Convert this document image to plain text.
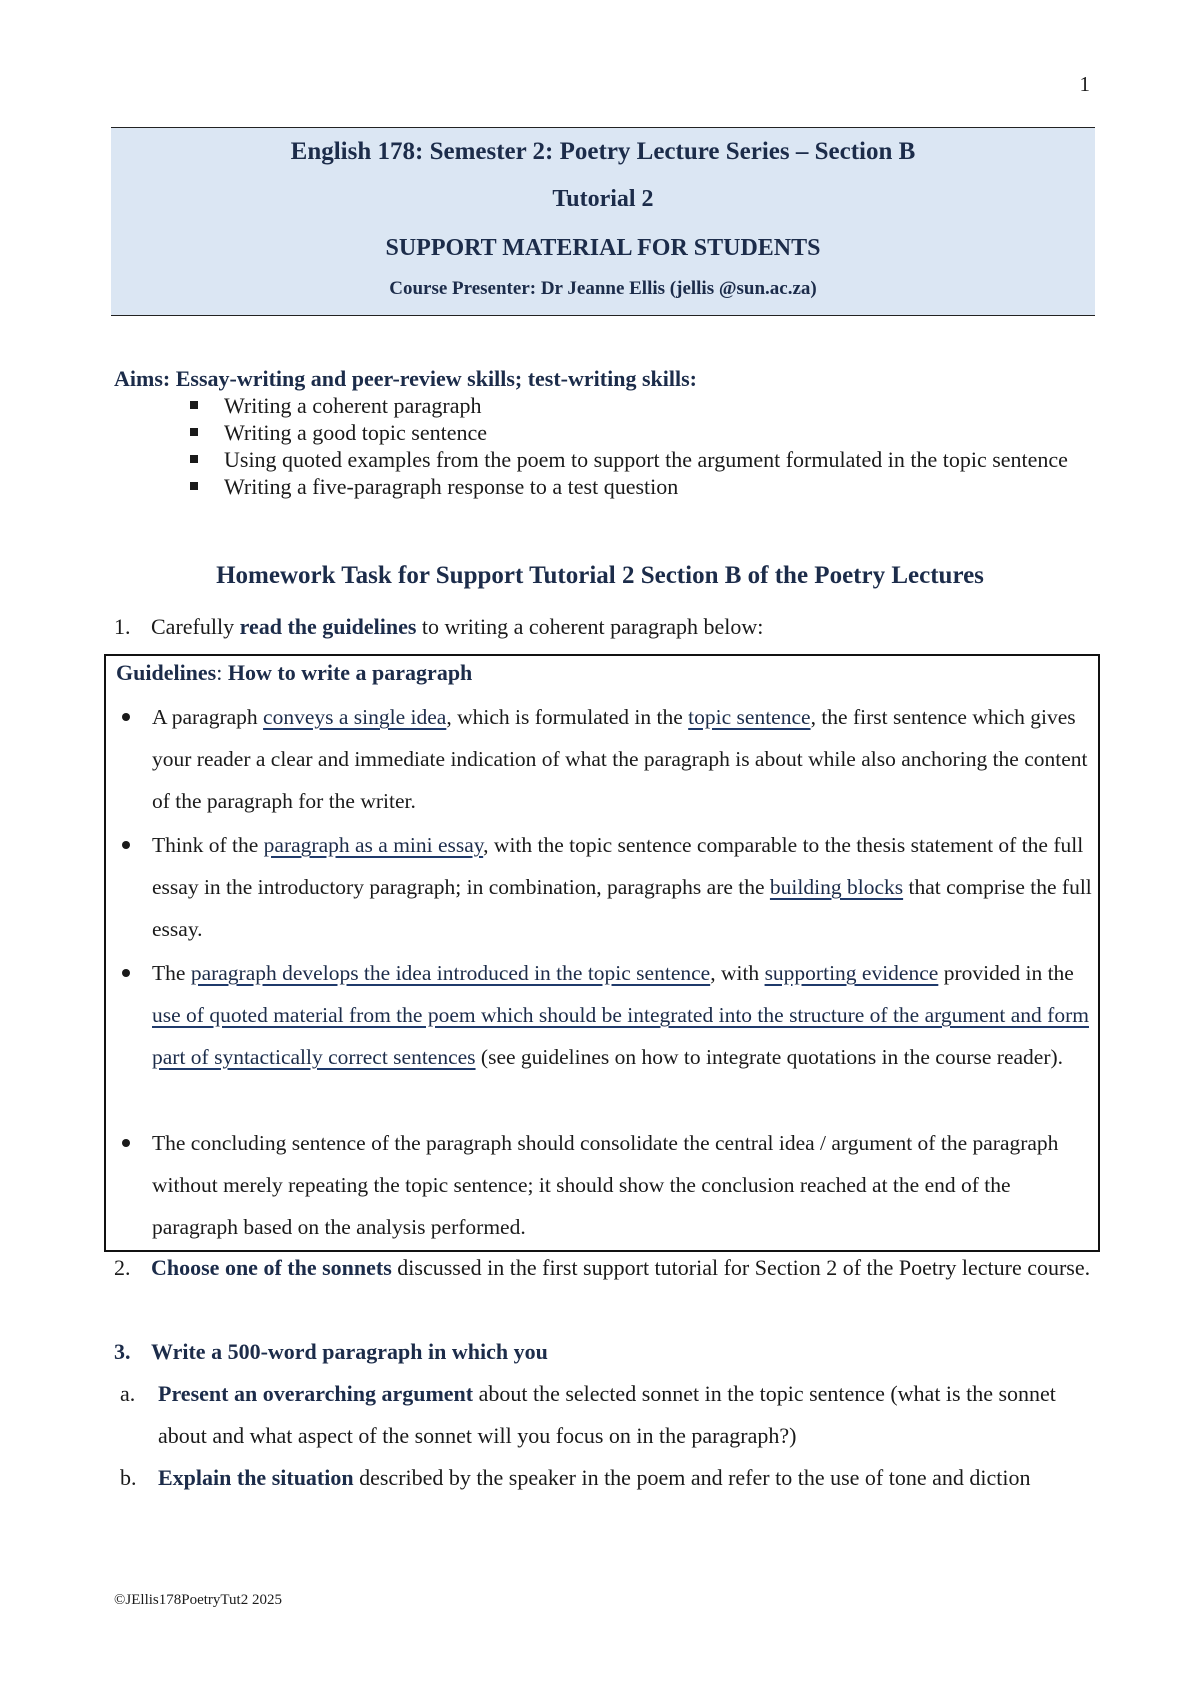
1
English 178: Semester 2: Poetry Lecture Series – Section B
Tutorial 2
SUPPORT MATERIAL FOR STUDENTS
Course Presenter: Dr Jeanne Ellis (jellis @sun.ac.za)
Aims: Essay-writing and peer-review skills; test-writing skills:
Writing a coherent paragraph
Writing a good topic sentence
Using quoted examples from the poem to support the argument formulated in the topic sentence
Writing a five-paragraph response to a test question
Homework Task for Support Tutorial 2 Section B of the Poetry Lectures
1. Carefully read the guidelines to writing a coherent paragraph below:
Guidelines: How to write a paragraph
A paragraph conveys a single idea, which is formulated in the topic sentence, the first sentence which gives your reader a clear and immediate indication of what the paragraph is about while also anchoring the content of the paragraph for the writer.
Think of the paragraph as a mini essay, with the topic sentence comparable to the thesis statement of the full essay in the introductory paragraph; in combination, paragraphs are the building blocks that comprise the full essay.
The paragraph develops the idea introduced in the topic sentence, with supporting evidence provided in the use of quoted material from the poem which should be integrated into the structure of the argument and form part of syntactically correct sentences (see guidelines on how to integrate quotations in the course reader).
The concluding sentence of the paragraph should consolidate the central idea / argument of the paragraph without merely repeating the topic sentence; it should show the conclusion reached at the end of the paragraph based on the analysis performed.
2. Choose one of the sonnets discussed in the first support tutorial for Section 2 of the Poetry lecture course.
3. Write a 500-word paragraph in which you
a. Present an overarching argument about the selected sonnet in the topic sentence (what is the sonnet about and what aspect of the sonnet will you focus on in the paragraph?)
b. Explain the situation described by the speaker in the poem and refer to the use of tone and diction
©JEllis178PoetryTut2 2025
